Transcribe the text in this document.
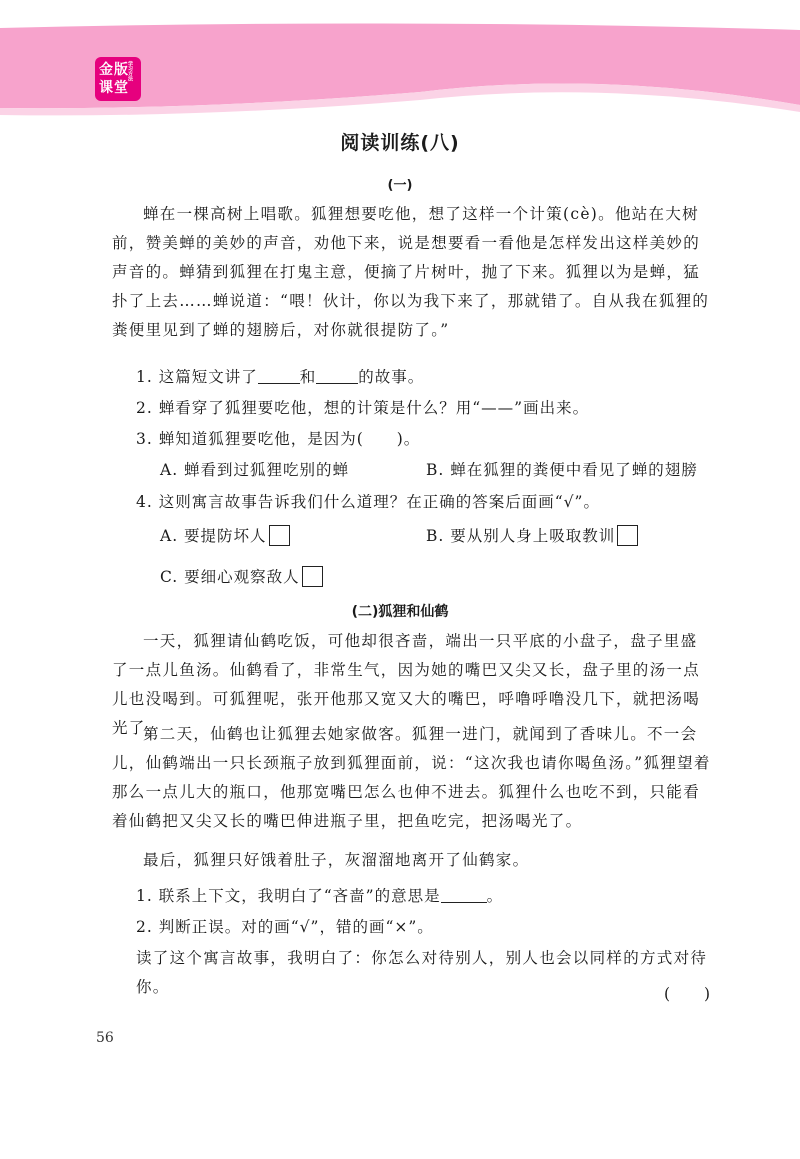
金版
课堂
学习方法
阅读训练(八)
(一)

蝉在一棵高树上唱歌。狐狸想要吃他，想了这样一个计策(cè)。他站在大树前，赞美蝉的美妙的声音，劝他下来，说是想要看一看他是怎样发出这样美妙的声音的。蝉猜到狐狸在打鬼主意，便摘了片树叶，抛了下来。狐狸以为是蝉，猛扑了上去……蝉说道：“喂！伙计，你以为我下来了，那就错了。自从我在狐狸的粪便里见到了蝉的翅膀后，对你就很提防了。”

1. 这篇短文讲了	和	的故事。
2. 蝉看穿了狐狸要吃他，想的计策是什么？用“——”画出来。
3. 蝉知道狐狸要吃他，是因为(　　)。
A. 蝉看到过狐狸吃别的蝉	B. 蝉在狐狸的粪便中看见了蝉的翅膀
4. 这则寓言故事告诉我们什么道理？在正确的答案后面画“√”。
A. 要提防坏人	B. 要从别人身上吸取教训
C. 要细心观察敌人
(二)狐狸和仙鹤

一天，狐狸请仙鹤吃饭，可他却很吝啬，端出一只平底的小盘子，盘子里盛了一点儿鱼汤。仙鹤看了，非常生气，因为她的嘴巴又尖又长，盘子里的汤一点儿也没喝到。可狐狸呢，张开他那又宽又大的嘴巴，呼噜呼噜没几下，就把汤喝光了。

第二天，仙鹤也让狐狸去她家做客。狐狸一进门，就闻到了香味儿。不一会儿，仙鹤端出一只长颈瓶子放到狐狸面前，说：“这次我也请你喝鱼汤。”狐狸望着那么一点儿大的瓶口，他那宽嘴巴怎么也伸不进去。狐狸什么也吃不到，只能看着仙鹤把又尖又长的嘴巴伸进瓶子里，把鱼吃完，把汤喝光了。

最后，狐狸只好饿着肚子，灰溜溜地离开了仙鹤家。

1. 联系上下文，我明白了“吝啬”的意思是	。
2. 判断正误。对的画“√”，错的画“×”。

读了这个寓言故事，我明白了：你怎么对待别人，别人也会以同样的方式对待你。	(　　)
56
